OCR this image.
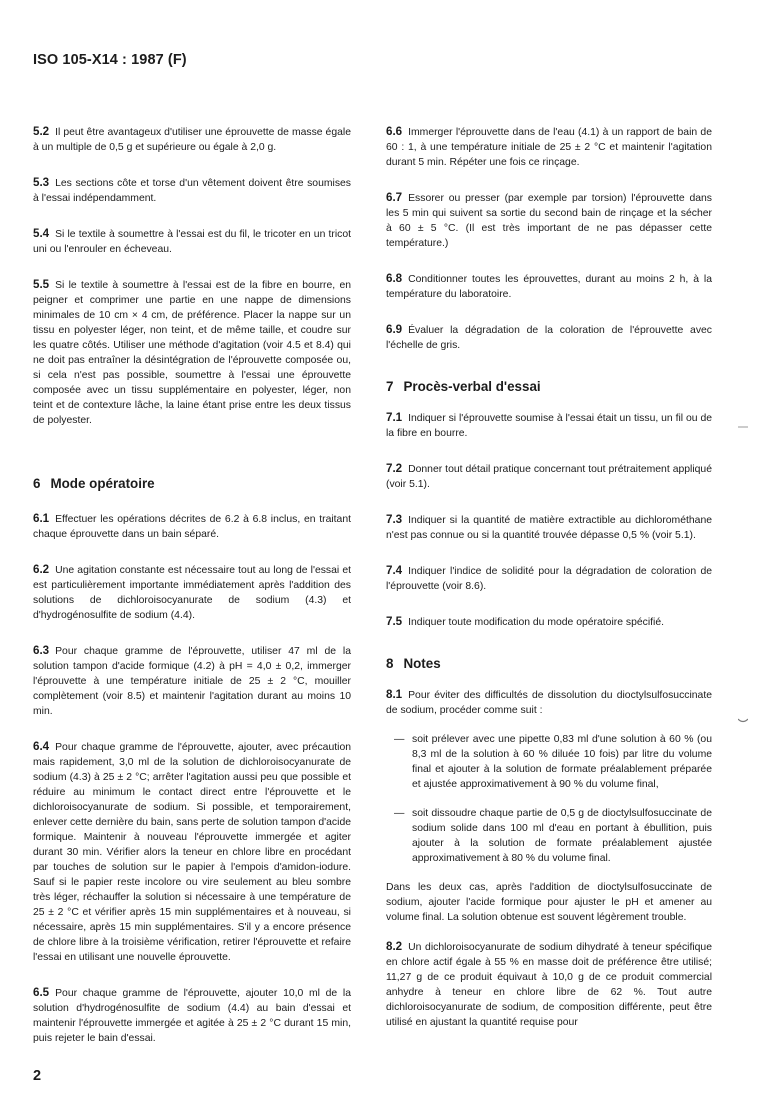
ISO 105-X14 : 1987 (F)

5.2 Il peut être avantageux d'utiliser une éprouvette de masse égale à un multiple de 0,5 g et supérieure ou égale à 2,0 g.

5.3 Les sections côte et torse d'un vêtement doivent être soumises à l'essai indépendamment.

5.4 Si le textile à soumettre à l'essai est du fil, le tricoter en un tricot uni ou l'enrouler en écheveau.

5.5 Si le textile à soumettre à l'essai est de la fibre en bourre, en peigner et comprimer une partie en une nappe de dimensions minimales de 10 cm × 4 cm, de préférence. Placer la nappe sur un tissu en polyester léger, non teint, et de même taille, et coudre sur les quatre côtés. Utiliser une méthode d'agitation (voir 4.5 et 8.4) qui ne doit pas entraîner la désintégration de l'éprouvette composée ou, si cela n'est pas possible, soumettre à l'essai une éprouvette composée avec un tissu supplémentaire en polyester, léger, non teint et de contexture lâche, la laine étant prise entre les deux tissus de polyester.

6 Mode opératoire

6.1 Effectuer les opérations décrites de 6.2 à 6.8 inclus, en traitant chaque éprouvette dans un bain séparé.

6.2 Une agitation constante est nécessaire tout au long de l'essai et est particulièrement importante immédiatement après l'addition des solutions de dichloroisocyanurate de sodium (4.3) et d'hydrogénosulfite de sodium (4.4).

6.3 Pour chaque gramme de l'éprouvette, utiliser 47 ml de la solution tampon d'acide formique (4.2) à pH = 4,0 ± 0,2, immerger l'éprouvette à une température initiale de 25 ± 2 °C, mouiller complètement (voir 8.5) et maintenir l'agitation durant au moins 10 min.

6.4 Pour chaque gramme de l'éprouvette, ajouter, avec précaution mais rapidement, 3,0 ml de la solution de dichloroisocyanurate de sodium (4.3) à 25 ± 2 °C; arrêter l'agitation aussi peu que possible et réduire au minimum le contact direct entre l'éprouvette et le dichloroisocyanurate de sodium. Si possible, et temporairement, enlever cette dernière du bain, sans perte de solution tampon d'acide formique. Maintenir à nouveau l'éprouvette immergée et agiter durant 30 min. Vérifier alors la teneur en chlore libre en procédant par touches de solution sur le papier à l'empois d'amidon-iodure. Sauf si le papier reste incolore ou vire seulement au bleu sombre très léger, réchauffer la solution si nécessaire à une température de 25 ± 2 °C et vérifier après 15 min supplémentaires et à nouveau, si nécessaire, après 15 min supplémentaires. S'il y a encore présence de chlore libre à la troisième vérification, retirer l'éprouvette et refaire l'essai en utilisant une nouvelle éprouvette.

6.5 Pour chaque gramme de l'éprouvette, ajouter 10,0 ml de la solution d'hydrogénosulfite de sodium (4.4) au bain d'essai et maintenir l'éprouvette immergée et agitée à 25 ± 2 °C durant 15 min, puis rejeter le bain d'essai.

6.6 Immerger l'éprouvette dans de l'eau (4.1) à un rapport de bain de 60 : 1, à une température initiale de 25 ± 2 °C et maintenir l'agitation durant 5 min. Répéter une fois ce rinçage.

6.7 Essorer ou presser (par exemple par torsion) l'éprouvette dans les 5 min qui suivent sa sortie du second bain de rinçage et la sécher à 60 ± 5 °C. (Il est très important de ne pas dépasser cette température.)

6.8 Conditionner toutes les éprouvettes, durant au moins 2 h, à la température du laboratoire.

6.9 Évaluer la dégradation de la coloration de l'éprouvette avec l'échelle de gris.

7 Procès-verbal d'essai

7.1 Indiquer si l'éprouvette soumise à l'essai était un tissu, un fil ou de la fibre en bourre.

7.2 Donner tout détail pratique concernant tout prétraitement appliqué (voir 5.1).

7.3 Indiquer si la quantité de matière extractible au dichlorométhane n'est pas connue ou si la quantité trouvée dépasse 0,5 % (voir 5.1).

7.4 Indiquer l'indice de solidité pour la dégradation de coloration de l'éprouvette (voir 8.6).

7.5 Indiquer toute modification du mode opératoire spécifié.

8 Notes

8.1 Pour éviter des difficultés de dissolution du dioctylsulfosuccinate de sodium, procéder comme suit :

— soit prélever avec une pipette 0,83 ml d'une solution à 60 % (ou 8,3 ml de la solution à 60 % diluée 10 fois) par litre du volume final et ajouter à la solution de formate préalablement préparée et ajustée approximativement à 90 % du volume final,

— soit dissoudre chaque partie de 0,5 g de dioctylsulfosuccinate de sodium solide dans 100 ml d'eau en portant à ébullition, puis ajouter à la solution de formate préalablement ajustée approximativement à 80 % du volume final.

Dans les deux cas, après l'addition de dioctylsulfosuccinate de sodium, ajouter l'acide formique pour ajuster le pH et amener au volume final. La solution obtenue est souvent légèrement trouble.

8.2 Un dichloroisocyanurate de sodium dihydraté à teneur spécifique en chlore actif égale à 55 % en masse doit de préférence être utilisé; 11,27 g de ce produit équivaut à 10,0 g de ce produit commercial anhydre à teneur en chlore libre de 62 %. Tout autre dichloroisocyanurate de sodium, de composition différente, peut être utilisé en ajustant la quantité requise pour

2
